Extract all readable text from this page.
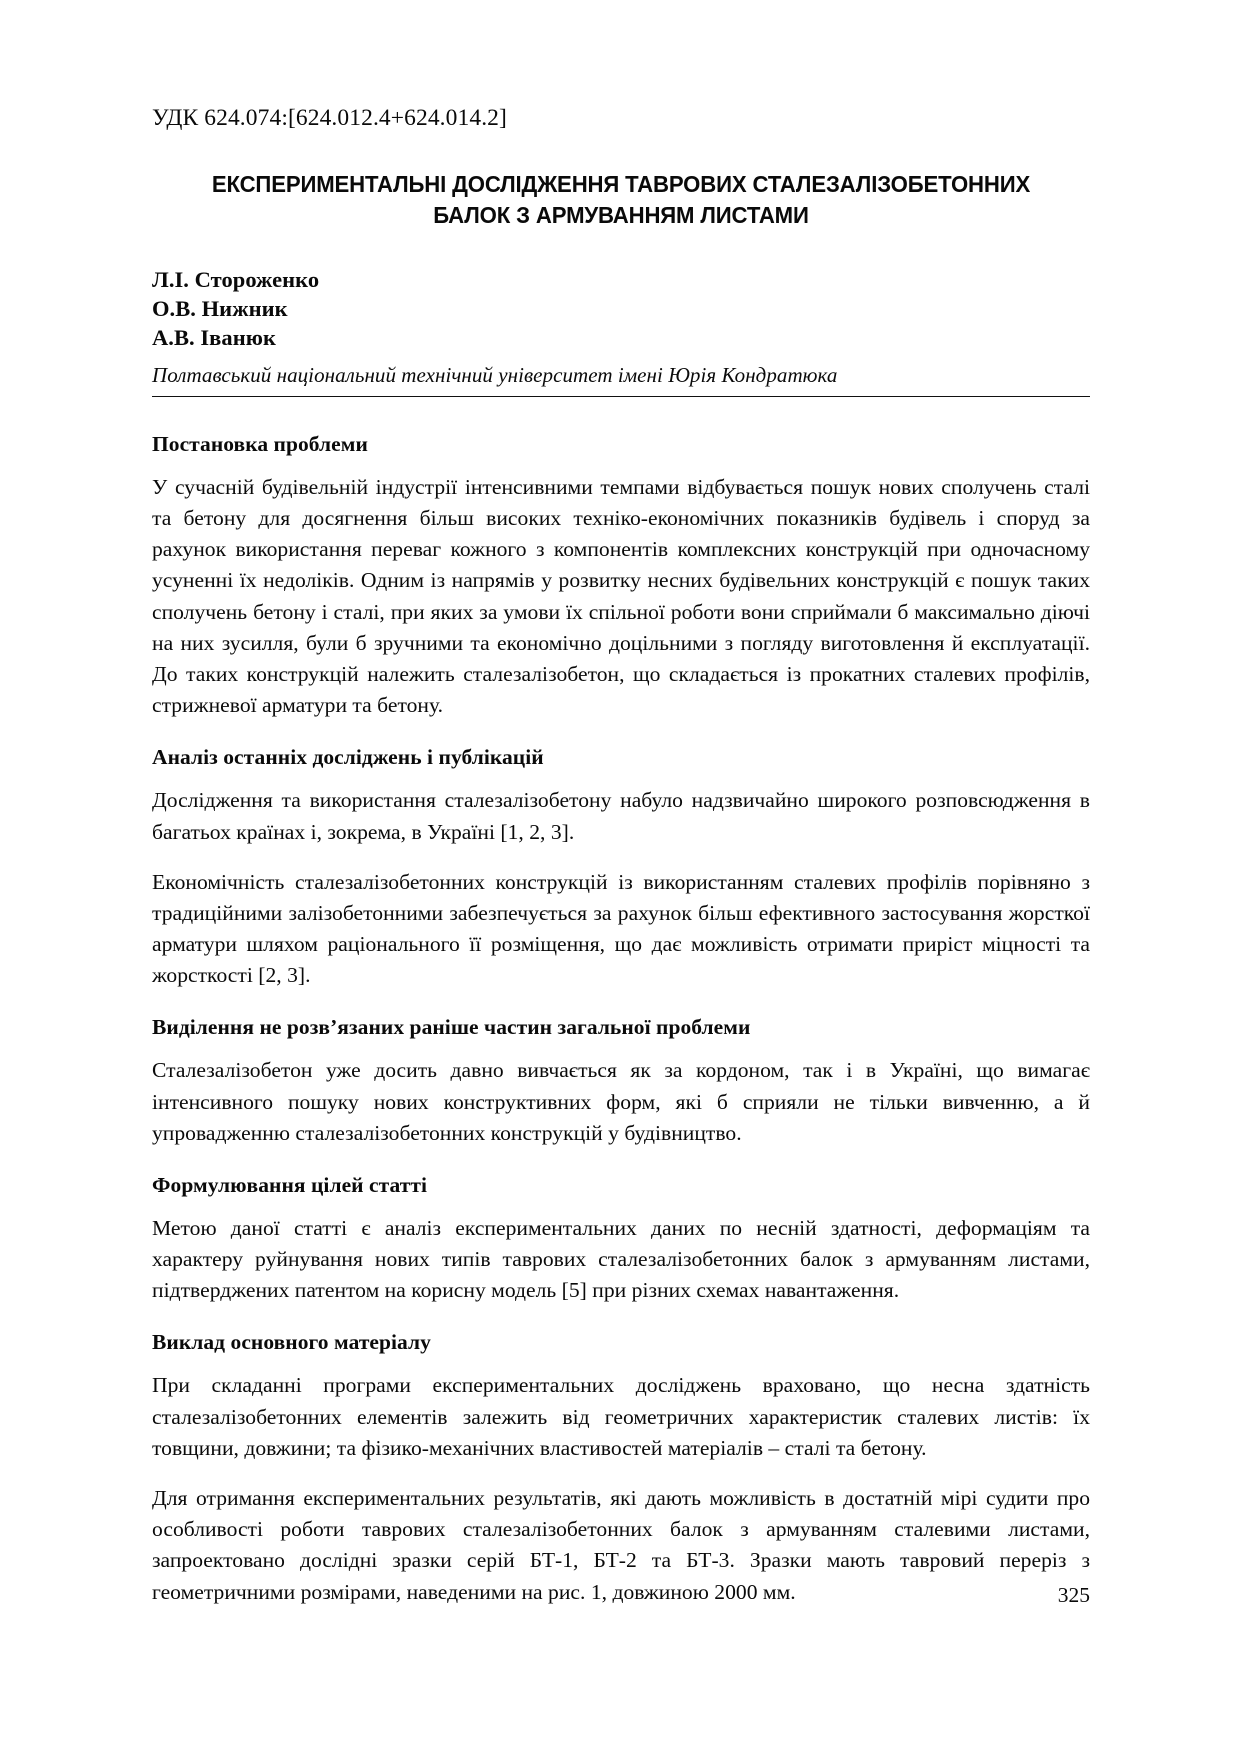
УДК 624.074:[624.012.4+624.014.2]
ЕКСПЕРИМЕНТАЛЬНІ ДОСЛІДЖЕННЯ ТАВРОВИХ СТАЛЕЗАЛІЗОБЕТОННИХ
БАЛОК З АРМУВАННЯМ ЛИСТАМИ
Л.І. Стороженко
О.В. Нижник
А.В. Іванюк
Полтавський національний технічний університет імені Юрія Кондратюка
Постановка проблеми

У сучасній будівельній індустрії інтенсивними темпами відбувається пошук нових сполучень сталі та бетону для досягнення більш високих техніко-економічних показників будівель і споруд за рахунок використання переваг кожного з компонентів комплексних конструкцій при одночасному усуненні їх недоліків. Одним із напрямів у розвитку несних будівельних конструкцій є пошук таких сполучень бетону і сталі, при яких за умови їх спільної роботи вони сприймали б максимально діючі на них зусилля, були б зручними та економічно доцільними з погляду виготовлення й експлуатації. До таких конструкцій належить сталезалізобетон, що складається із прокатних сталевих профілів, стрижневої арматури та бетону.

Аналіз останніх досліджень і публікацій

Дослідження та використання сталезалізобетону набуло надзвичайно широкого розповсюдження в багатьох країнах і, зокрема, в Україні [1, 2, 3].

Економічність сталезалізобетонних конструкцій із використанням сталевих профілів порівняно з традиційними залізобетонними забезпечується за рахунок більш ефективного застосування жорсткої арматури шляхом раціонального її розміщення, що дає можливість отримати приріст міцності та жорсткості [2, 3].

Виділення не розв’язаних раніше частин загальної проблеми

Сталезалізобетон уже досить давно вивчається як за кордоном, так і в Україні, що вимагає інтенсивного пошуку нових конструктивних форм, які б сприяли не тільки вивченню, а й упровадженню сталезалізобетонних конструкцій у будівництво.

Формулювання цілей статті

Метою даної статті є аналіз експериментальних даних по несній здатності, деформаціям та характеру руйнування нових типів таврових сталезалізобетонних балок з армуванням листами, підтверджених патентом на корисну модель [5] при різних схемах навантаження.

Виклад основного матеріалу

При складанні програми експериментальних досліджень враховано, що несна здатність сталезалізобетонних елементів залежить від геометричних характеристик сталевих листів: їх товщини, довжини; та фізико-механічних властивостей матеріалів – сталі та бетону.

Для отримання експериментальних результатів, які дають можливість в достатній мірі судити про особливості роботи таврових сталезалізобетонних балок з армуванням сталевими листами, запроектовано дослідні зразки серій БТ-1, БТ-2 та БТ-3. Зразки мають тавровий переріз з геометричними розмірами, наведеними на рис. 1, довжиною 2000 мм.	325
